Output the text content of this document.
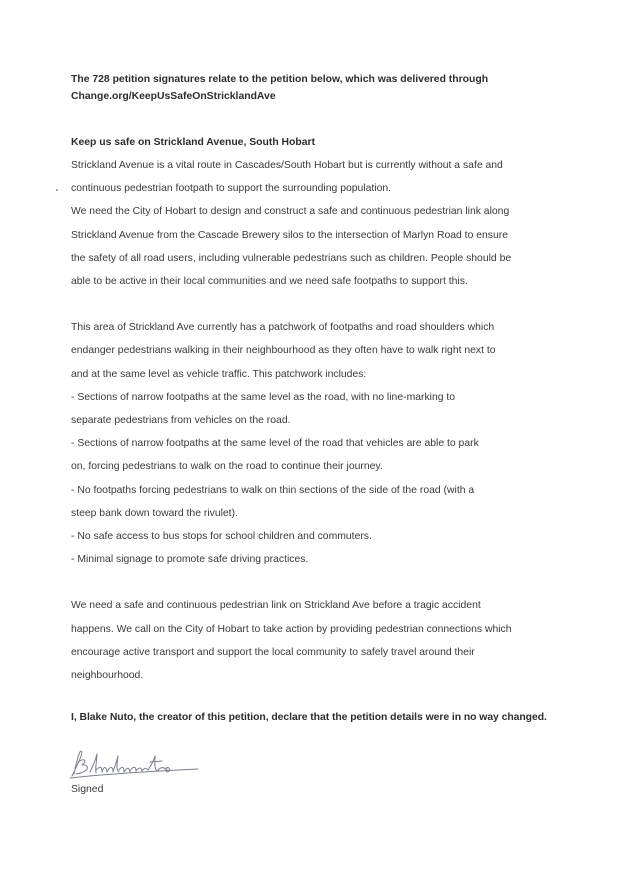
The 728 petition signatures relate to the petition below, which was delivered through
Change.org/KeepUsSafeOnStricklandAve
Keep us safe on Strickland Avenue, South Hobart

Strickland Avenue is a vital route in Cascades/South Hobart but is currently without a safe and
continuous pedestrian footpath to support the surrounding population.
We need the City of Hobart to design and construct a safe and continuous pedestrian link along
Strickland Avenue from the Cascade Brewery silos to the intersection of Marlyn Road to ensure
the safety of all road users, including vulnerable pedestrians such as children. People should be
able to be active in their local communities and we need safe footpaths to support this.

This area of Strickland Ave currently has a patchwork of footpaths and road shoulders which
endanger pedestrians walking in their neighbourhood as they often have to walk right next to
and at the same level as vehicle traffic. This patchwork includes:
- Sections of narrow footpaths at the same level as the road, with no line-marking to
separate pedestrians from vehicles on the road.
- Sections of narrow footpaths at the same level of the road that vehicles are able to park
on, forcing pedestrians to walk on the road to continue their journey.
- No footpaths forcing pedestrians to walk on thin sections of the side of the road (with a
steep bank down toward the rivulet).
- No safe access to bus stops for school children and commuters.
- Minimal signage to promote safe driving practices.

We need a safe and continuous pedestrian link on Strickland Ave before a tragic accident
happens. We call on the City of Hobart to take action by providing pedestrian connections which
encourage active transport and support the local community to safely travel around their
neighbourhood.

I, Blake Nuto, the creator of this petition, declare that the petition details were in no way changed.
Signed
